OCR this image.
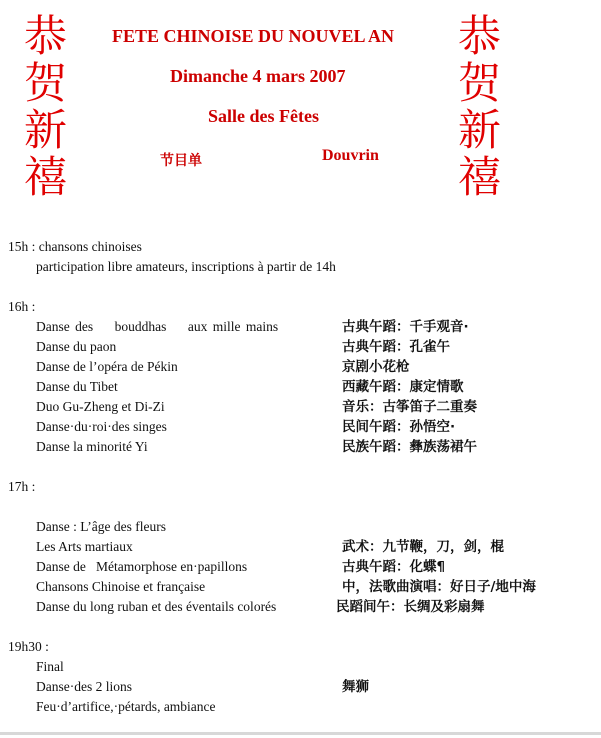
恭
贺
新
禧
恭
贺
新
禧
FETE CHINOISE DU NOUVEL AN
Dimanche 4 mars 2007
Salle des Fêtes
节目单	Douvrin
15h : chansons chinoises
participation libre amateurs, inscriptions à partir de 14h
16h :
Danse des    bouddhas    aux mille mains	古典午蹈：千手观音·
Danse du paon	古典午蹈：孔雀午
Danse de l’opéra de Pékin	京剧小花枪
Danse du Tibet	西藏午蹈：康定情歌
Duo Gu-Zheng et Di-Zi	音乐：古筝笛子二重奏
Danse·du·roi·des singes	民间午蹈：孙悟空·
Danse la minorité Yi	民族午蹈：彝族荡裙午
17h :
Danse : L’âge des fleurs
Les Arts martiaux	武术：九节鞭，刀，剑，棍
Danse de   Métamorphose en·papillons	古典午蹈：化蝶¶
Chansons Chinoise et française	中，法歌曲演唱：好日子/地中海
Danse du long ruban et des éventails colorés	民蹈间午：长绸及彩扇舞
19h30 :
Final
Danse·des 2 lions	舞狮
Feu·d’artifice,·pétards, ambiance
